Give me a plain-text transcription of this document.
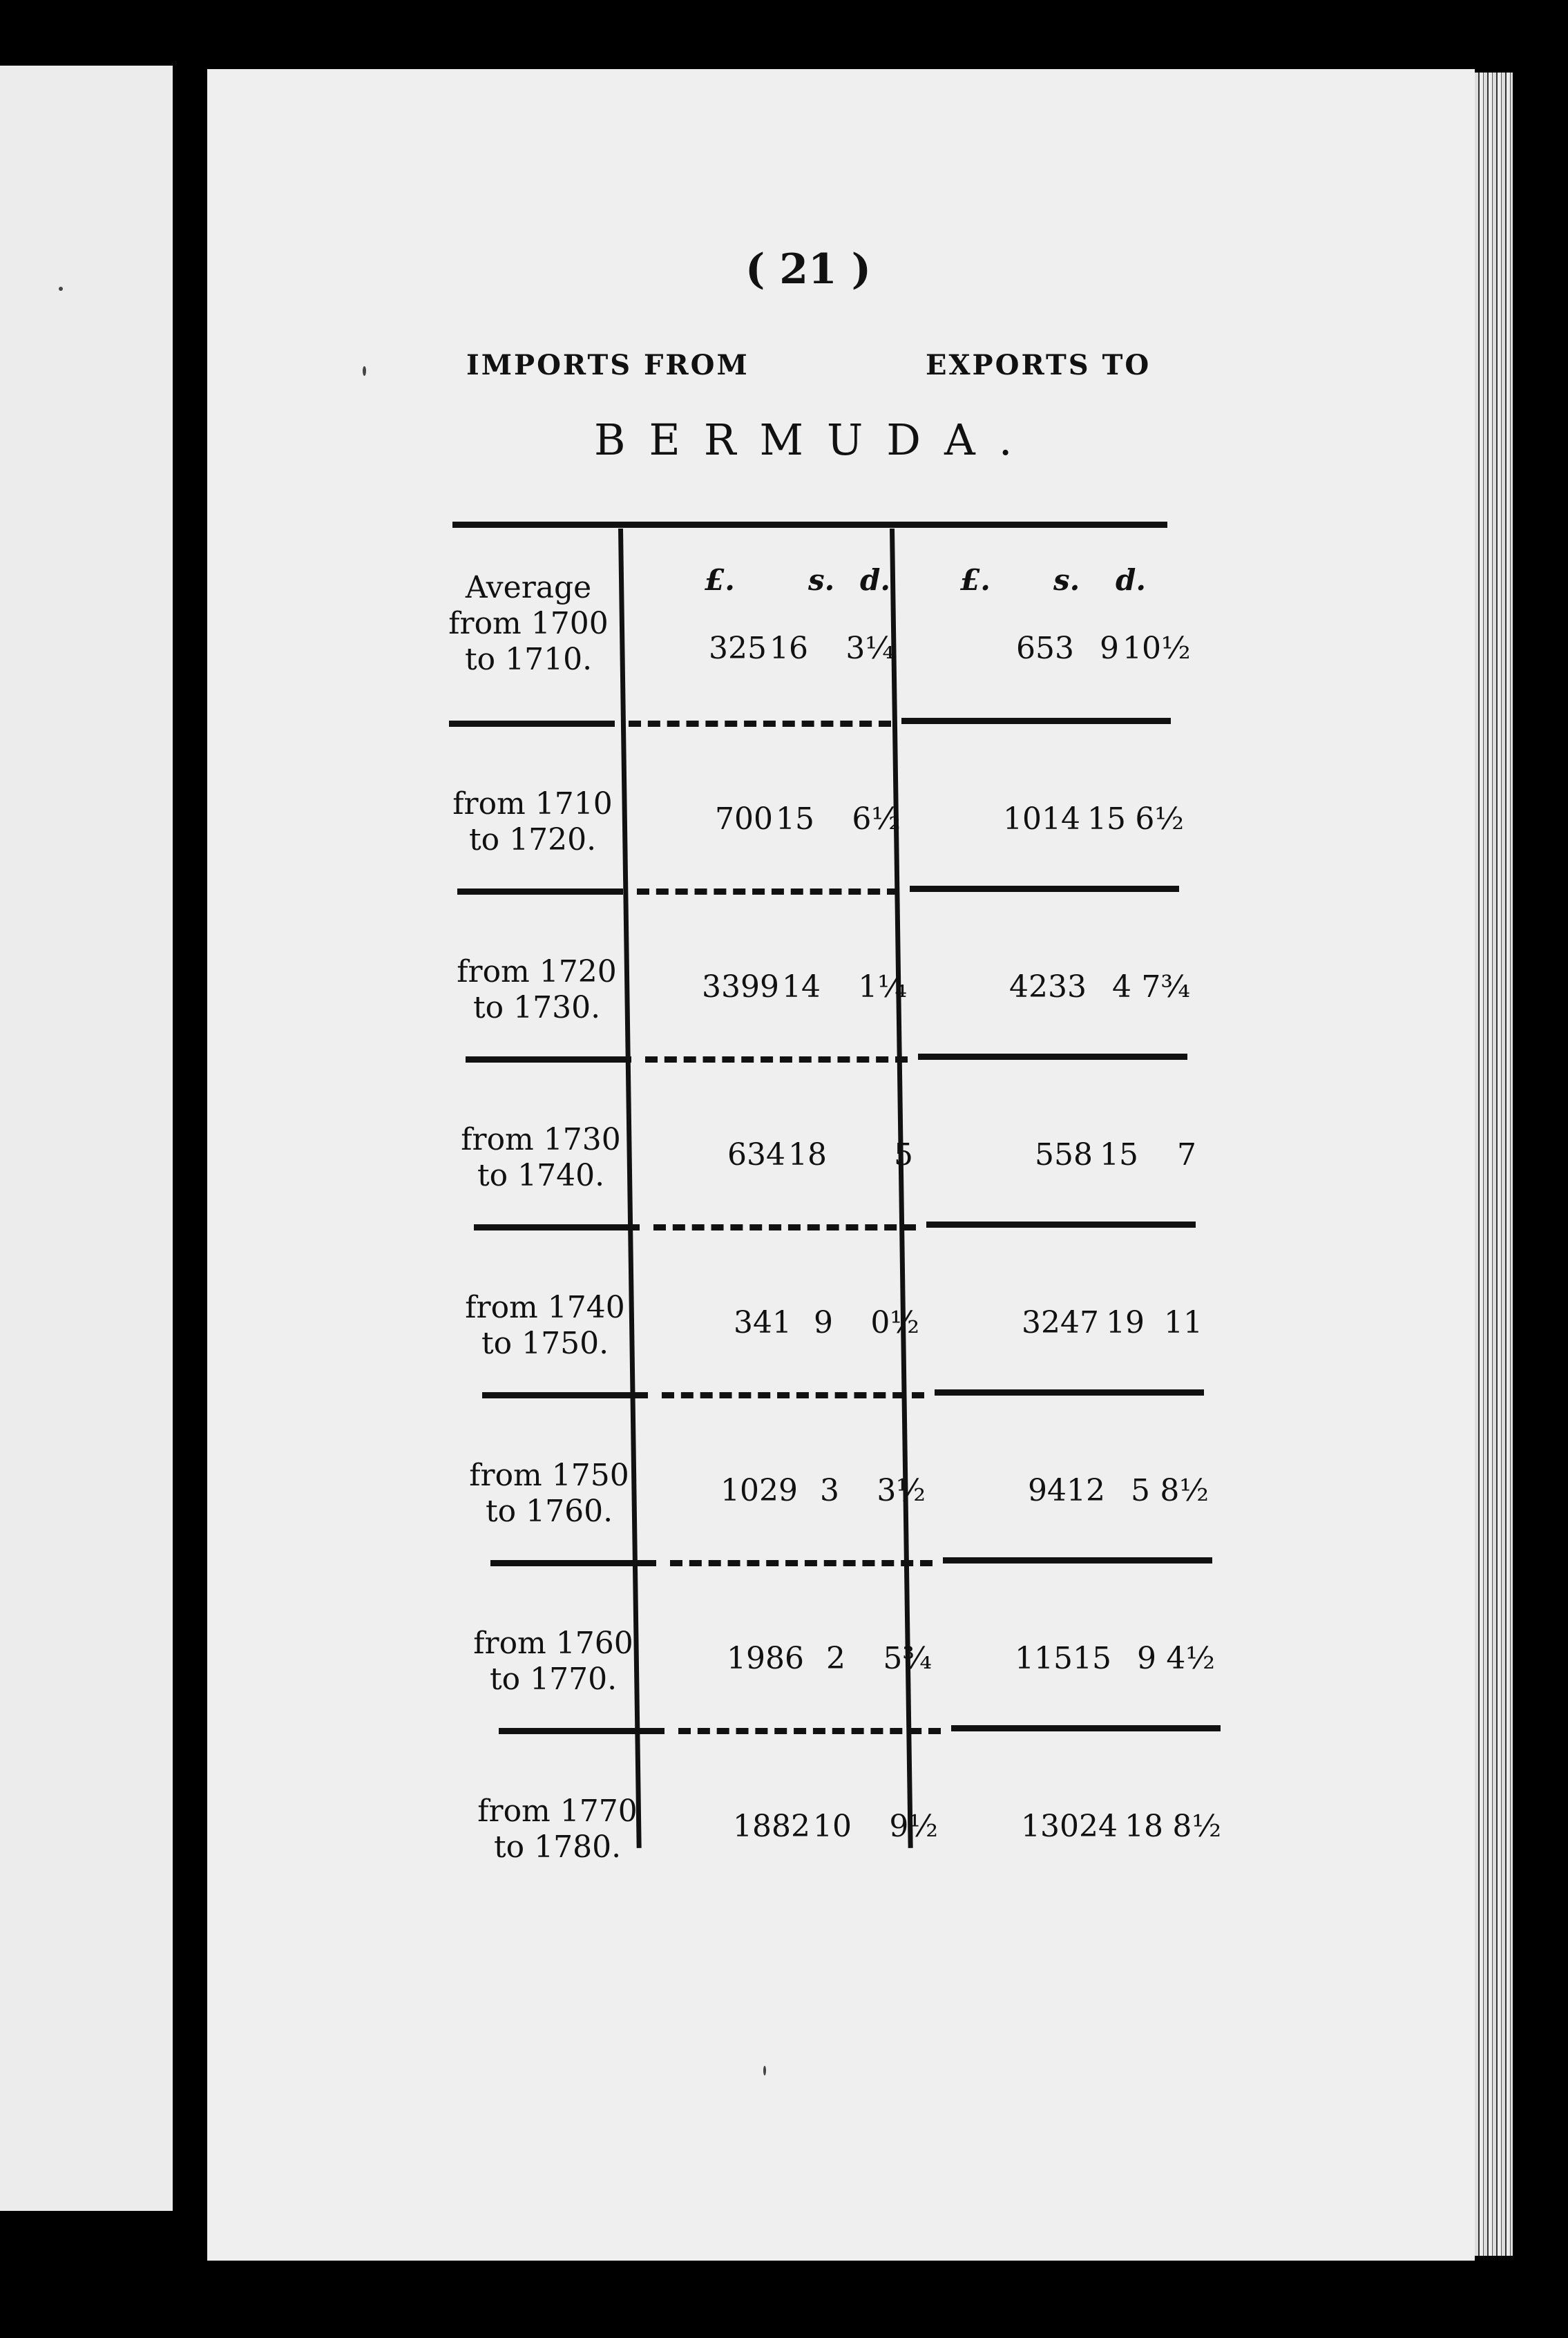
( 21 )
IMPORTS FROM	EXPORTS TO
BERMUDA.
£.	s. d. £. s. d.
Average
from 1700
to 1710.	325 16 3¼	653 9 10½
from 1710
to 1720.
700 15 6½	1014 15 6½
from 1720
to 1730.
3399 14 1¼	4233 4 7¾
from 1730
to 1740.
634 18	5	558 15	7
from 1740
to 1750.
341 9 0½	3247 19 11
from 1750
to 1760.
1029 3 3½	9412 5 8½
from 1760
to 1770.
1986 2 5¾	11515 9 4½
from 1770
to 1780.
1882 10 9½	13024 18 8½
